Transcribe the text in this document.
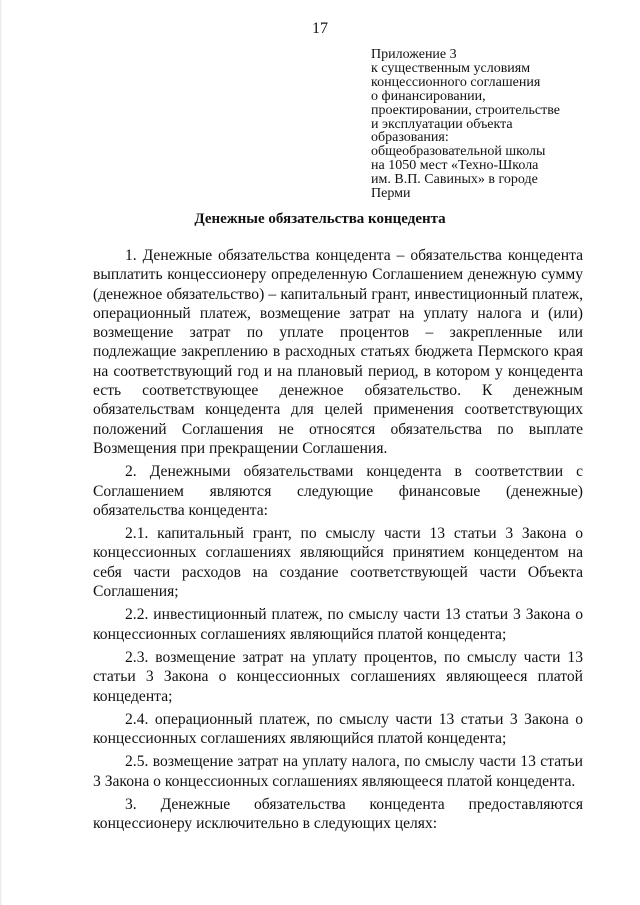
17
Приложение 3
к существенным условиям
концессионного соглашения
о финансировании,
проектировании, строительстве
и эксплуатации объекта
образования:
общеобразовательной школы
на 1050 мест «Техно-Школа
им. В.П. Савиных» в городе
Перми
Денежные обязательства концедента

1. Денежные обязательства концедента – обязательства концедента выплатить концессионеру определенную Соглашением денежную сумму (денежное обязательство) – капитальный грант, инвестиционный платеж, операционный платеж, возмещение затрат на уплату налога и (или) возмещение затрат по уплате процентов – закрепленные или подлежащие закреплению в расходных статьях бюджета Пермского края на соответствующий год и на плановый период, в котором у концедента есть соответствующее денежное обязательство. К денежным обязательствам концедента для целей применения соответствующих положений Соглашения не относятся обязательства по выплате Возмещения при прекращении Соглашения.

2. Денежными обязательствами концедента в соответствии с Соглашением являются следующие финансовые (денежные) обязательства концедента:

2.1. капитальный грант, по смыслу части 13 статьи 3 Закона о концессионных соглашениях являющийся принятием концедентом на себя части расходов на создание соответствующей части Объекта Соглашения;

2.2. инвестиционный платеж, по смыслу части 13 статьи 3 Закона о концессионных соглашениях являющийся платой концедента;

2.3. возмещение затрат на уплату процентов, по смыслу части 13 статьи 3 Закона о концессионных соглашениях являющееся платой концедента;

2.4. операционный платеж, по смыслу части 13 статьи 3 Закона о концессионных соглашениях являющийся платой концедента;

2.5. возмещение затрат на уплату налога, по смыслу части 13 статьи 3 Закона о концессионных соглашениях являющееся платой концедента.

3. Денежные обязательства концедента предоставляются концессионеру исключительно в следующих целях:
